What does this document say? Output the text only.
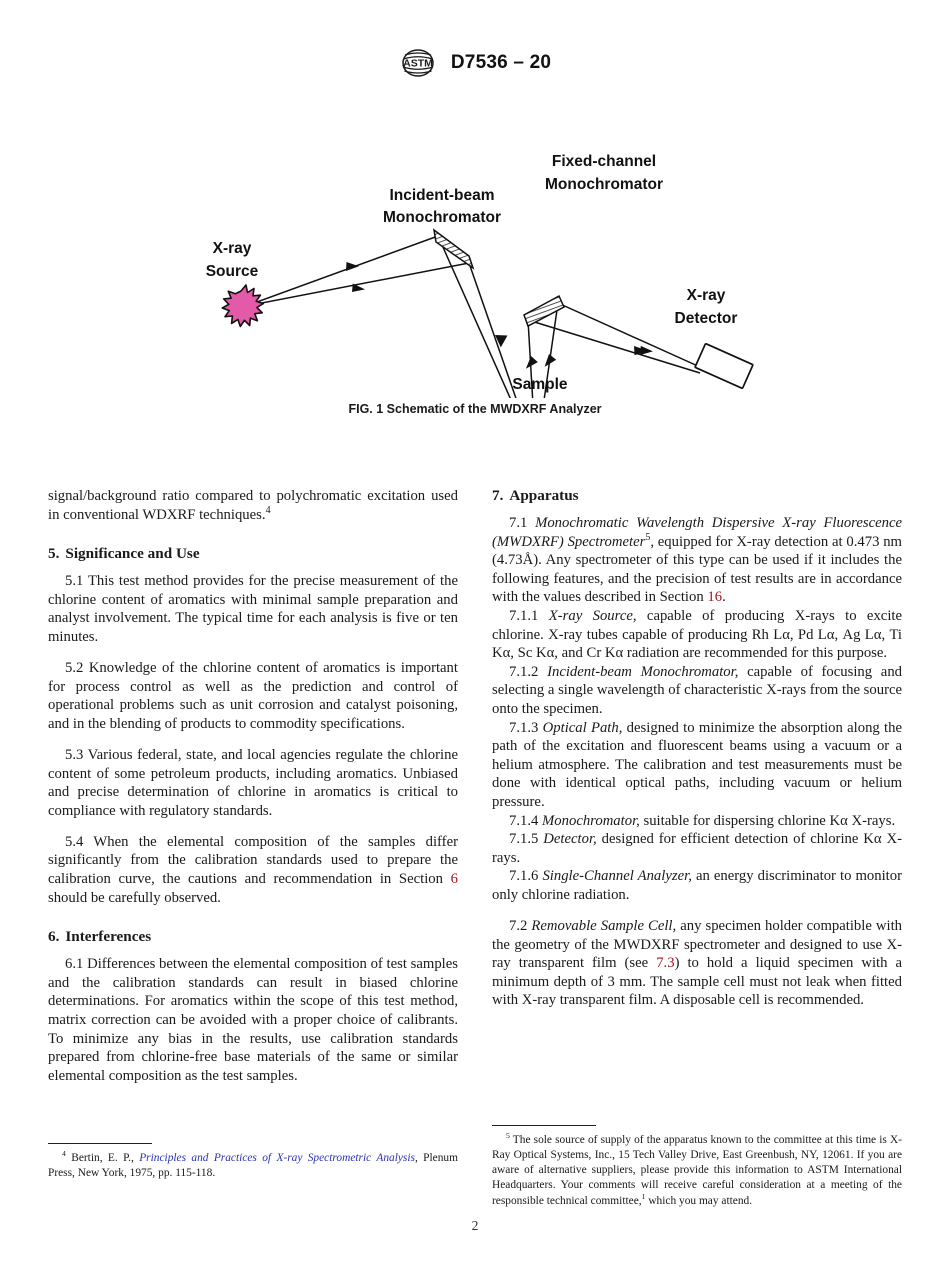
ASTM D7536 – 20
Incident-beam
Monochromator
Fixed-channel
Monochromator
X-ray
Source
X-ray
Detector
Sample
FIG. 1 Schematic of the MWDXRF Analyzer

signal/background ratio compared to polychromatic excitation used in conventional WDXRF techniques.$^4$

5. Significance and Use

5.1 This test method provides for the precise measurement of the chlorine content of aromatics with minimal sample preparation and analyst involvement. The typical time for each analysis is five or ten minutes.

5.2 Knowledge of the chlorine content of aromatics is important for process control as well as the prediction and control of operational problems such as unit corrosion and catalyst poisoning, and in the blending of products to commodity specifications.

5.3 Various federal, state, and local agencies regulate the chlorine content of some petroleum products, including aromatics. Unbiased and precise determination of chlorine in aromatics is critical to compliance with regulatory standards.

5.4 When the elemental composition of the samples differ significantly from the calibration standards used to prepare the calibration curve, the cautions and recommendation in Section 6 should be carefully observed.

6. Interferences

6.1 Differences between the elemental composition of test samples and the calibration standards can result in biased chlorine determinations. For aromatics within the scope of this test method, matrix correction can be avoided with a proper choice of calibrants. To minimize any bias in the results, use calibration standards prepared from chlorine-free base materials of the same or similar elemental composition as the test samples.

7. Apparatus

7.1 Monochromatic Wavelength Dispersive X-ray Fluorescence (MWDXRF) Spectrometer$^5$, equipped for X-ray detection at 0.473 nm (4.73Å). Any spectrometer of this type can be used if it includes the following features, and the precision of test results are in accordance with the values described in Section 16.

7.1.1 X-ray Source, capable of producing X-rays to excite chlorine. X-ray tubes capable of producing Rh Lα, Pd Lα, Ag Lα, Ti Kα, Sc Kα, and Cr Kα radiation are recommended for this purpose.

7.1.2 Incident-beam Monochromator, capable of focusing and selecting a single wavelength of characteristic X-rays from the source onto the specimen.

7.1.3 Optical Path, designed to minimize the absorption along the path of the excitation and fluorescent beams using a vacuum or a helium atmosphere. The calibration and test measurements must be done with identical optical paths, including vacuum or helium pressure.

7.1.4 Monochromator, suitable for dispersing chlorine Kα X-rays.

7.1.5 Detector, designed for efficient detection of chlorine Kα X-rays.

7.1.6 Single-Channel Analyzer, an energy discriminator to monitor only chlorine radiation.

7.2 Removable Sample Cell, any specimen holder compatible with the geometry of the MWDXRF spectrometer and designed to use X-ray transparent film (see 7.3) to hold a liquid specimen with a minimum depth of 3 mm. The sample cell must not leak when fitted with X-ray transparent film. A disposable cell is recommended.

$^4$ Bertin, E. P., Principles and Practices of X-ray Spectrometric Analysis, Plenum Press, New York, 1975, pp. 115-118.

$^5$ The sole source of supply of the apparatus known to the committee at this time is X-Ray Optical Systems, Inc., 15 Tech Valley Drive, East Greenbush, NY, 12061. If you are aware of alternative suppliers, please provide this information to ASTM International Headquarters. Your comments will receive careful consideration at a meeting of the responsible technical committee,$^1$ which you may attend.

2
